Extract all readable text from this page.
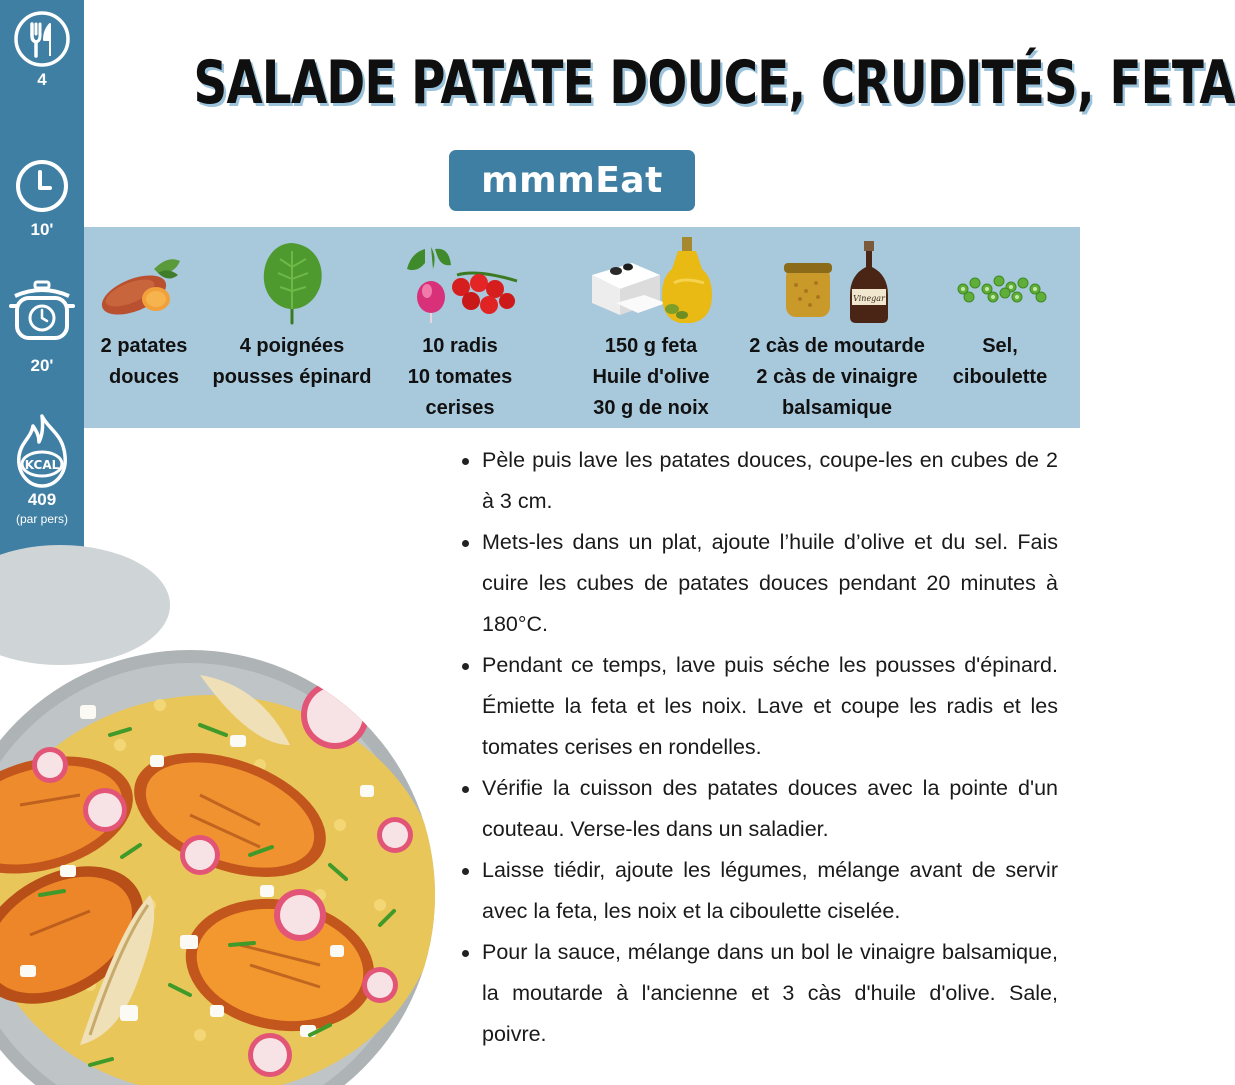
4
10'
20'
KCAL
409
(par pers)
SALADE PATATE DOUCE, CRUDITÉS, FETA
mmmEat
2 patates
douces
4 poignées
pousses épinard
10 radis
10 tomates
cerises
150 g feta
Huile d'olive
30 g de noix
Vinegar
2 càs de moutarde
2 càs de vinaigre
balsamique
Sel,
ciboulette
Pèle puis lave les patates douces, coupe-les en cubes de 2 à 3 cm.
Mets-les dans un plat, ajoute l’huile d’olive et du sel. Fais cuire les cubes de patates douces pendant 20 minutes à 180°C.
Pendant ce temps, lave puis séche les pousses d'épinard. Émiette la feta et les noix. Lave et coupe les radis et les tomates cerises en rondelles.
Vérifie la cuisson des patates douces avec la pointe d'un couteau. Verse-les dans un saladier.
Laisse tiédir, ajoute les légumes, mélange avant de servir avec la feta, les noix et la ciboulette ciselée.
Pour la sauce, mélange dans un bol le vinaigre balsamique, la moutarde à l'ancienne et 3 càs d'huile d'olive. Sale, poivre.
